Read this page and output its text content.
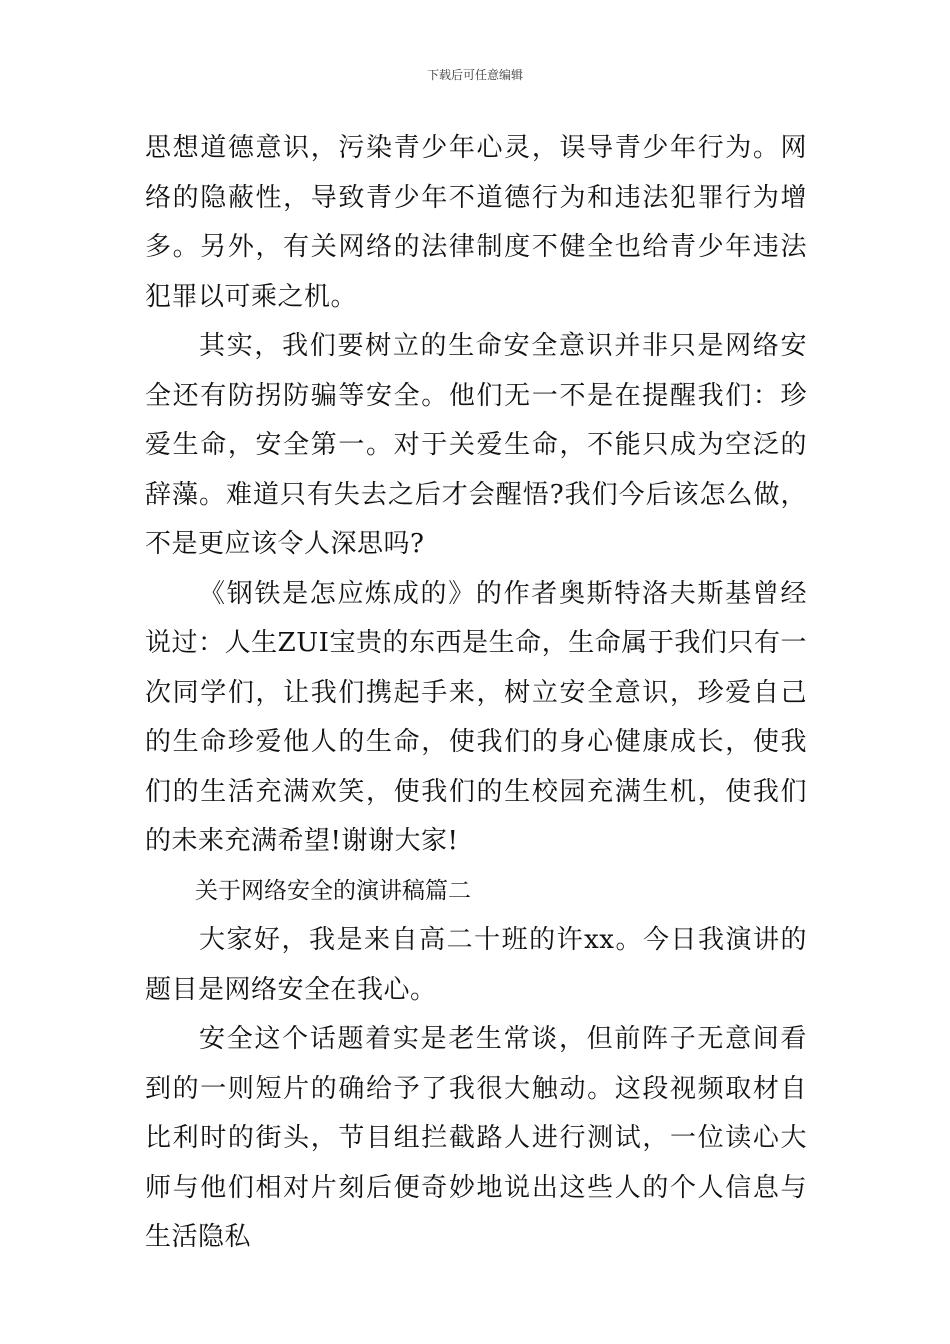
下载后可任意编辑

思想道德意识，污染青少年心灵，误导青少年行为。网络的隐蔽性，导致青少年不道德行为和违法犯罪行为增多。另外，有关网络的法律制度不健全也给青少年违法犯罪以可乘之机。

其实，我们要树立的生命安全意识并非只是网络安全还有防拐防骗等安全。他们无一不是在提醒我们：珍爱生命，安全第一。对于关爱生命，不能只成为空泛的辞藻。难道只有失去之后才会醒悟?我们今后该怎么做，不是更应该令人深思吗?

《钢铁是怎应炼成的》的作者奥斯特洛夫斯基曾经说过：人生ZUI宝贵的东西是生命，生命属于我们只有一次同学们，让我们携起手来，树立安全意识，珍爱自己的生命珍爱他人的生命，使我们的身心健康成长，使我们的生活充满欢笑，使我们的生校园充满生机，使我们的未来充满希望!谢谢大家!

关于网络安全的演讲稿篇二

大家好，我是来自高二十班的许xx。今日我演讲的题目是网络安全在我心。

安全这个话题着实是老生常谈，但前阵子无意间看到的一则短片的确给予了我很大触动。这段视频取材自比利时的街头，节目组拦截路人进行测试，一位读心大师与他们相对片刻后便奇妙地说出这些人的个人信息与生活隐私
